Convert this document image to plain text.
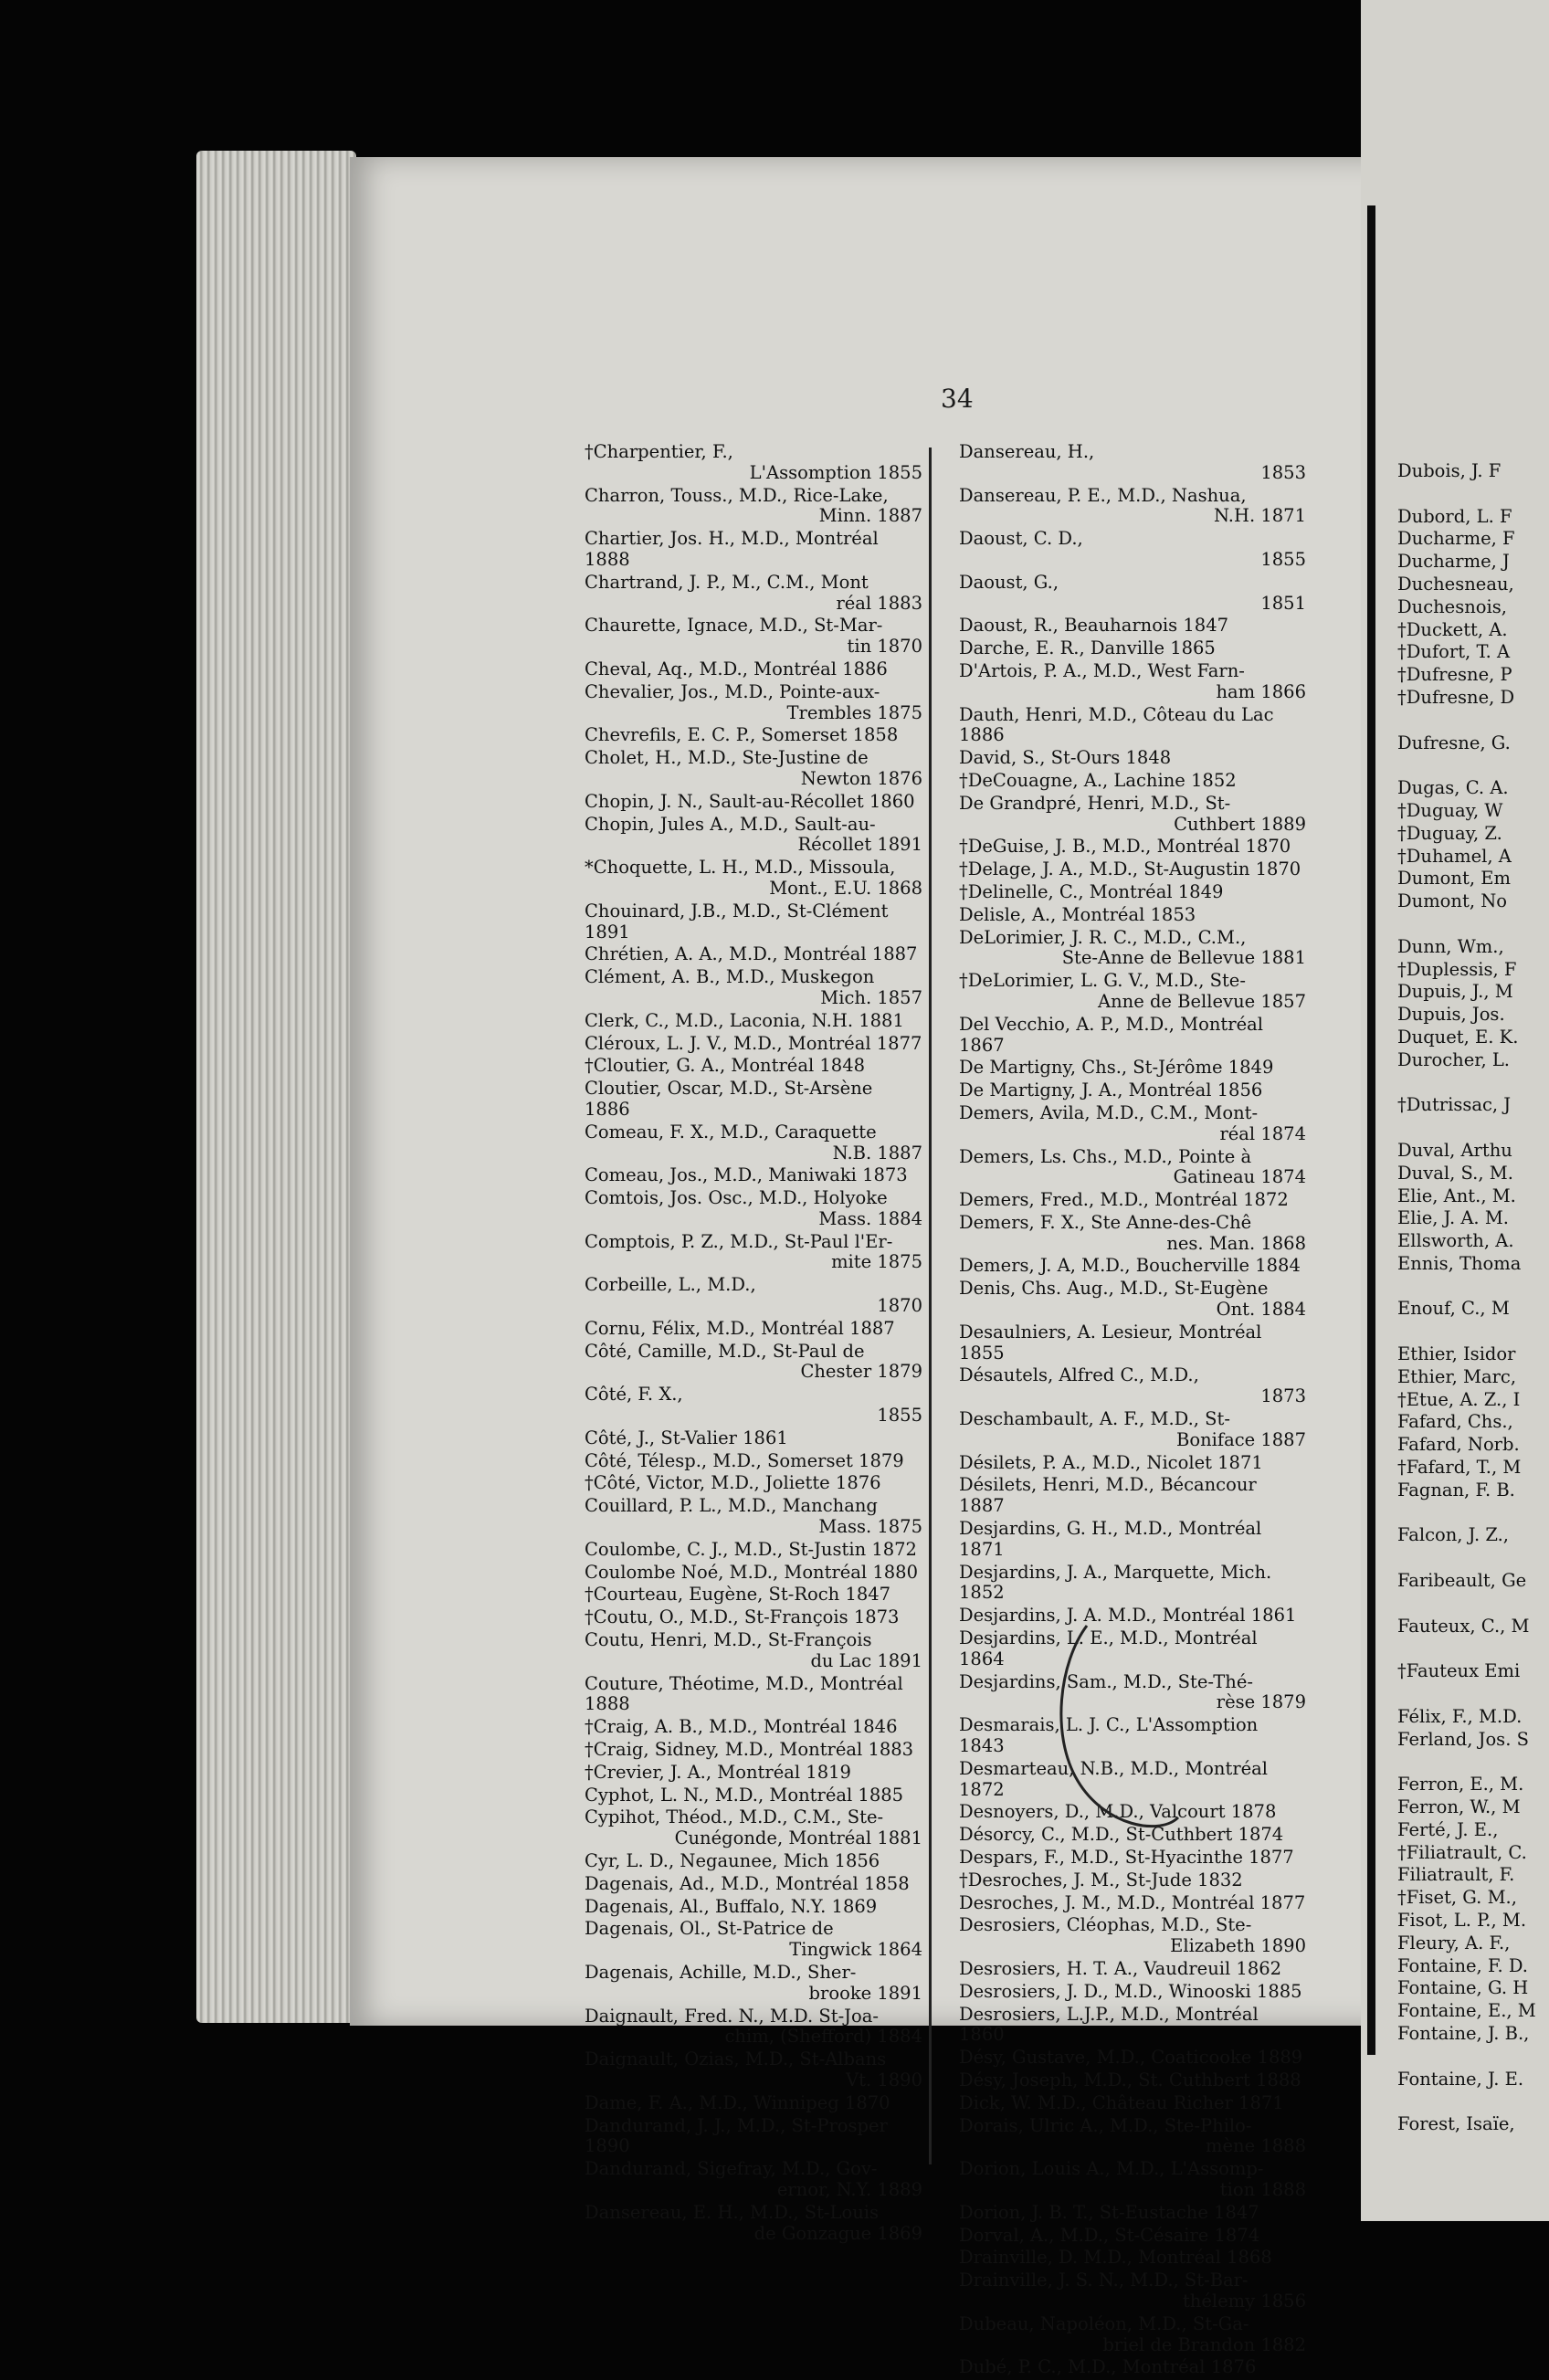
34
†Charpentier, F.,
L'Assomption 1855
Charron, Touss., M.D., Rice-Lake,
Minn. 1887
Chartier, Jos. H., M.D., Montréal 1888
Chartrand, J. P., M., C.M., Mont
réal 1883
Chaurette, Ignace, M.D., St-Mar-
tin 1870
Cheval, Aq., M.D., Montréal 1886
Chevalier, Jos., M.D., Pointe-aux-
Trembles 1875
Chevrefils, E. C. P., Somerset 1858
Cholet, H., M.D., Ste-Justine de
Newton 1876
Chopin, J. N., Sault-au-Récollet 1860
Chopin, Jules A., M.D., Sault-au-
Récollet 1891
*Choquette, L. H., M.D., Missoula,
Mont., E.U. 1868
Chouinard, J.B., M.D., St-Clément 1891
Chrétien, A. A., M.D., Montréal 1887
Clément, A. B., M.D., Muskegon
Mich. 1857
Clerk, C., M.D., Laconia, N.H. 1881
Cléroux, L. J. V., M.D., Montréal 1877
†Cloutier, G. A., Montréal 1848
Cloutier, Oscar, M.D., St-Arsène 1886
Comeau, F. X., M.D., Caraquette
N.B. 1887
Comeau, Jos., M.D., Maniwaki 1873
Comtois, Jos. Osc., M.D., Holyoke
Mass. 1884
Comptois, P. Z., M.D., St-Paul l'Er-
mite 1875
Corbeille, L., M.D.,
1870
Cornu, Félix, M.D., Montréal 1887
Côté, Camille, M.D., St-Paul de
Chester 1879
Côté, F. X.,
1855
Côté, J., St-Valier 1861
Côté, Télesp., M.D., Somerset 1879
†Côté, Victor, M.D., Joliette 1876
Couillard, P. L., M.D., Manchang
Mass. 1875
Coulombe, C. J., M.D., St-Justin 1872
Coulombe Noé, M.D., Montréal 1880
†Courteau, Eugène, St-Roch 1847
†Coutu, O., M.D., St-François 1873
Coutu, Henri, M.D., St-François
du Lac 1891
Couture, Théotime, M.D., Montréal 1888
†Craig, A. B., M.D., Montréal 1846
†Craig, Sidney, M.D., Montréal 1883
†Crevier, J. A., Montréal 1819
Cyphot, L. N., M.D., Montréal 1885
Cypihot, Théod., M.D., C.M., Ste-
Cunégonde, Montréal 1881
Cyr, L. D., Negaunee, Mich 1856
Dagenais, Ad., M.D., Montréal 1858
Dagenais, Al., Buffalo, N.Y. 1869
Dagenais, Ol., St-Patrice de
Tingwick 1864
Dagenais, Achille, M.D., Sher-
brooke 1891
Daignault, Fred. N., M.D. St-Joa-
chim, (Shefford) 1884
Daignault, Ozias, M.D., St-Albans
Vt. 1890
Dame, F. A., M.D., Winnipeg 1870
Dandurand, J. J., M.D., St-Prosper 1890
Dandurand, Sigefray, M.D., Gov-
ernor, N.Y. 1889
Dansereau, E. H., M.D., St-Louis
de Gonzague 1869
Dansereau, H.,
1853
Dansereau, P. E., M.D., Nashua,
N.H. 1871
Daoust, C. D.,
1855
Daoust, G.,
1851
Daoust, R., Beauharnois 1847
Darche, E. R., Danville 1865
D'Artois, P. A., M.D., West Farn-
ham 1866
Dauth, Henri, M.D., Côteau du Lac 1886
David, S., St-Ours 1848
†DeCouagne, A., Lachine 1852
De Grandpré, Henri, M.D., St-
Cuthbert 1889
†DeGuise, J. B., M.D., Montréal 1870
†Delage, J. A., M.D., St-Augustin 1870
†Delinelle, C., Montréal 1849
Delisle, A., Montréal 1853
DeLorimier, J. R. C., M.D., C.M.,
Ste-Anne de Bellevue 1881
†DeLorimier, L. G. V., M.D., Ste-
Anne de Bellevue 1857
Del Vecchio, A. P., M.D., Montréal 1867
De Martigny, Chs., St-Jérôme 1849
De Martigny, J. A., Montréal 1856
Demers, Avila, M.D., C.M., Mont-
réal 1874
Demers, Ls. Chs., M.D., Pointe à
Gatineau 1874
Demers, Fred., M.D., Montréal 1872
Demers, F. X., Ste Anne-des-Chê
nes. Man. 1868
Demers, J. A, M.D., Boucherville 1884
Denis, Chs. Aug., M.D., St-Eugène
Ont. 1884
Desaulniers, A. Lesieur, Montréal 1855
Désautels, Alfred C., M.D.,
1873
Deschambault, A. F., M.D., St-
Boniface 1887
Désilets, P. A., M.D., Nicolet 1871
Désilets, Henri, M.D., Bécancour 1887
Desjardins, G. H., M.D., Montréal 1871
Desjardins, J. A., Marquette, Mich. 1852
Desjardins, J. A. M.D., Montréal 1861
Desjardins, L. E., M.D., Montréal 1864
Desjardins, Sam., M.D., Ste-Thé-
rèse 1879
Desmarais, L. J. C., L'Assomption 1843
Desmarteau, N.B., M.D., Montréal 1872
Desnoyers, D., M.D., Valcourt 1878
Désorcy, C., M.D., St-Cuthbert 1874
Despars, F., M.D., St-Hyacinthe 1877
†Desroches, J. M., St-Jude 1832
Desroches, J. M., M.D., Montréal 1877
Desrosiers, Cléophas, M.D., Ste-
Elizabeth 1890
Desrosiers, H. T. A., Vaudreuil 1862
Desrosiers, J. D., M.D., Winooski 1885
Desrosiers, L.J.P., M.D., Montréal 1860
Désy, Gustave, M.D., Coaticooke 1889
Désy, Joseph, M.D., St. Cuthbert 1888
Dick, W. M.D., Château Richer 1871
Dorais, Ulric A., M.D., Ste-Philo-
mène 1888
Dorion, Louis A., M.D., L'Assomp-
tion 1888
Dorion, J. B. T., St-Eustache 1847
Dorval, A., M.D., St-Césaire 1874
Drainville, D. M.D., Montréal 1868
Drainville, J. S. N., M.D., St-Bar-
thélemy 1856
Dubeau, Napoléon, M.D., St-Ga-
briel de Brandon 1882
Dubé, P. C., M.D., Montréal 1876
Dubois, J. F

Dubord, L. F
Ducharme, F
Ducharme, J
Duchesneau,
Duchesnois,
†Duckett, A.
†Dufort, T. A
†Dufresne, P
†Dufresne, D

Dufresne, G.

Dugas, C. A.
†Duguay, W
†Duguay, Z.
†Duhamel, A
Dumont, Em
Dumont, No

Dunn, Wm.,
†Duplessis, F
Dupuis, J., M
Dupuis, Jos.
Duquet, E. K.
Durocher, L.

†Dutrissac, J

Duval, Arthu
Duval, S., M.
Elie, Ant., M.
Elie, J. A. M.
Ellsworth, A.
Ennis, Thoma

Enouf, C., M

Ethier, Isidor
Ethier, Marc,
†Etue, A. Z., I
Fafard, Chs.,
Fafard, Norb.
†Fafard, T., M
Fagnan, F. B.

Falcon, J. Z.,

Faribeault, Ge

Fauteux, C., M

†Fauteux Emi

Félix, F., M.D.
Ferland, Jos. S

Ferron, E., M.
Ferron, W., M
Ferté, J. E.,
†Filiatrault, C.
Filiatrault, F.
†Fiset, G. M.,
Fisot, L. P., M.
Fleury, A. F.,
Fontaine, F. D.
Fontaine, G. H
Fontaine, E., M
Fontaine, J. B.,

Fontaine, J. E.

Forest, Isaïe,
